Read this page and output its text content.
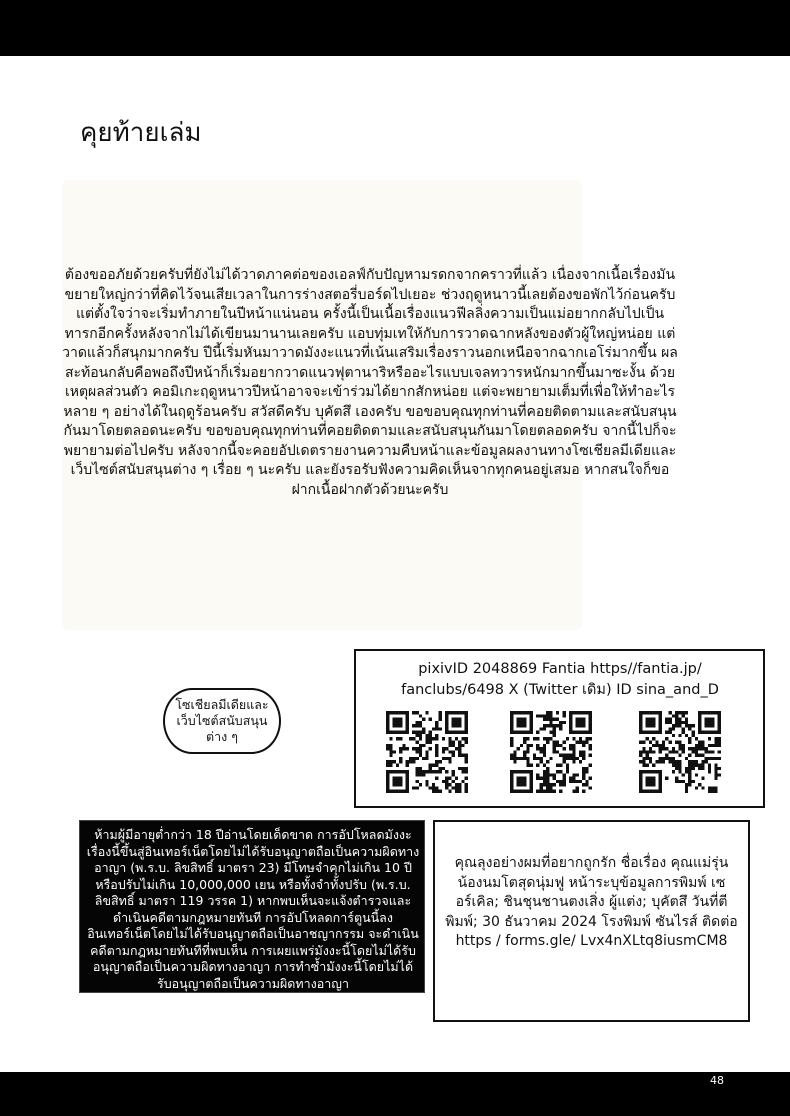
คุยท้ายเล่ม

ต้องขออภัยด้วยครับที่ยังไม่ได้วาดภาคต่อของเอลฟ์กับปัญหามรดกจากคราวที่แล้ว เนื่องจากเนื้อเรื่องมันขยายใหญ่กว่าที่คิดไว้จนเสียเวลาในการร่างสตอรี่บอร์ดไปเยอะ ช่วงฤดูหนาวนี้เลยต้องขอพักไว้ก่อนครับ แต่ตั้งใจว่าจะเริ่มทำภายในปีหน้าแน่นอน ครั้งนี้เป็นเนื้อเรื่องแนวฟีลลิ่งความเป็นแม่อยากกลับไปเป็นทารกอีกครั้งหลังจากไม่ได้เขียนมานานเลยครับ แอบทุ่มเทให้กับการวาดฉากหลังของตัวผู้ใหญ่หน่อย แต่วาดแล้วก็สนุกมากครับ ปีนี้เริ่มหันมาวาดมังงะแนวที่เน้นเสริมเรื่องราวนอกเหนือจากฉากเอโร่มากขึ้น ผลสะท้อนกลับคือพอถึงปีหน้าก็เริ่มอยากวาดแนวฟุตานาริหรืออะไรแบบเจลทวารหนักมากขึ้นมาซะงั้น ด้วยเหตุผลส่วนตัว คอมิเกะฤดูหนาวปีหน้าอาจจะเข้าร่วมได้ยากสักหน่อย แต่จะพยายามเต็มที่เพื่อให้ทำอะไรหลาย ๆ อย่างได้ในฤดูร้อนครับ สวัสดีครับ บุคัตสึ เองครับ ขอขอบคุณทุกท่านที่คอยติดตามและสนับสนุนกันมาโดยตลอดนะครับ ขอขอบคุณทุกท่านที่คอยติดตามและสนับสนุนกันมาโดยตลอดครับ จากนี้ไปก็จะพยายามต่อไปครับ หลังจากนี้จะคอยอัปเดตรายงานความคืบหน้าและข้อมูลผลงานทางโซเชียลมีเดียและเว็บไซต์สนับสนุนต่าง ๆ เรื่อย ๆ นะครับ และยังรอรับฟังความคิดเห็นจากทุกคนอยู่เสมอ หากสนใจก็ขอฝากเนื้อฝากตัวด้วยนะครับ

โซเชียลมีเดียและเว็บไซต์สนับสนุนต่าง ๆ

pixivID 2048869 Fantia https//fantia.jp/
fanclubs/6498 X (Twitter เดิม) ID sina_and_D

ห้ามผู้มีอายุต่ำกว่า 18 ปีอ่านโดยเด็ดขาด การอัปโหลดมังงะเรื่องนี้ขึ้นสู่อินเทอร์เน็ตโดยไม่ได้รับอนุญาตถือเป็นความผิดทางอาญา (พ.ร.บ. ลิขสิทธิ์ มาตรา 23) มีโทษจำคุกไม่เกิน 10 ปี หรือปรับไม่เกิน 10,000,000 เยน หรือทั้งจำทั้งปรับ (พ.ร.บ. ลิขสิทธิ์ มาตรา 119 วรรค 1) หากพบเห็นจะแจ้งตำรวจและดำเนินคดีตามกฎหมายทันที การอัปโหลดการ์ตูนนี้ลงอินเทอร์เน็ตโดยไม่ได้รับอนุญาตถือเป็นอาชญากรรม จะดำเนินคดีตามกฎหมายทันทีที่พบเห็น การเผยแพร่มังงะนี้โดยไม่ได้รับอนุญาตถือเป็นความผิดทางอาญา การทำซ้ำมังงะนี้โดยไม่ได้รับอนุญาตถือเป็นความผิดทางอาญา

คุณลุงอย่างผมที่อยากถูกรัก ชื่อเรื่อง คุณแม่รุ่นน้องนมโตสุดนุ่มฟู หน้าระบุข้อมูลการพิมพ์ เซอร์เคิล; ชินชุนชานตงเสิ่ง ผู้แต่ง; บุคัตสึ วันที่ตีพิมพ์; 30 ธันวาคม 2024 โรงพิมพ์ ซันไรส์ ติดต่อ https / forms.gle/ Lvx4nXLtq8iusmCM8

48
